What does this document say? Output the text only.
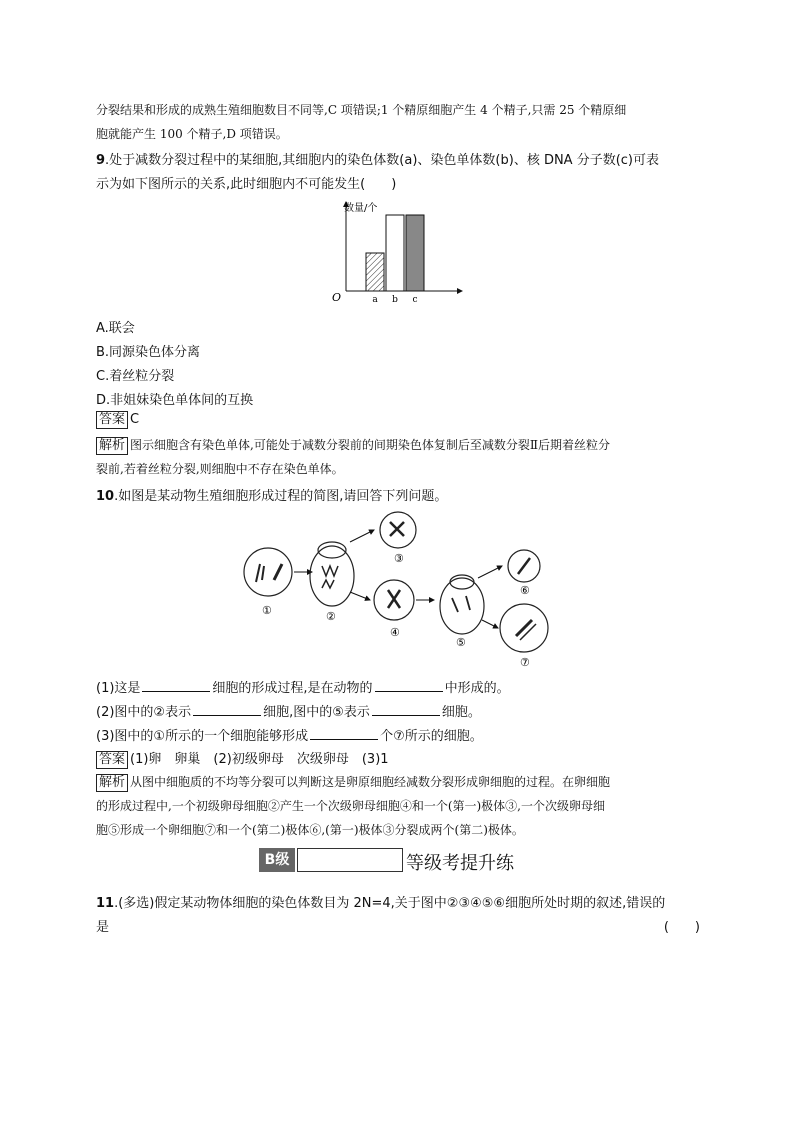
分裂结果和形成的成熟生殖细胞数目不同等,C 项错误;1 个精原细胞产生 4 个精子,只需 25 个精原细
胞就能产生 100 个精子,D 项错误。
9.处于减数分裂过程中的某细胞,其细胞内的染色体数(a)、染色单体数(b)、核 DNA 分子数(c)可表
示为如下图所示的关系,此时细胞内不可能发生(　　)
数量/个
O	a b c
A.联会
B.同源染色体分离
C.着丝粒分裂
D.非姐妹染色单体间的互换
答案 C
解析 图示细胞含有染色单体,可能处于减数分裂前的间期染色体复制后至减数分裂Ⅱ后期着丝粒分
裂前,若着丝粒分裂,则细胞中不存在染色单体。
10.如图是某动物生殖细胞形成过程的简图,请回答下列问题。
①	②
③
④
⑤
⑥
⑦
(1)这是	细胞的形成过程,是在动物的	中形成的。
(2)图中的②表示	细胞,图中的⑤表示	细胞。
(3)图中的①所示的一个细胞能够形成	个⑦所示的细胞。
答案 (1)卵　卵巢　(2)初级卵母　次级卵母　(3)1
解析 从图中细胞质的不均等分裂可以判断这是卵原细胞经减数分裂形成卵细胞的过程。在卵细胞
的形成过程中,一个初级卵母细胞②产生一个次级卵母细胞④和一个(第一)极体③,一个次级卵母细
胞⑤形成一个卵细胞⑦和一个(第二)极体⑥,(第一)极体③分裂成两个(第二)极体。
B级	等级考提升练
11.(多选)假定某动物体细胞的染色体数目为 2N=4,关于图中②③④⑤⑥细胞所处时期的叙述,错误的
是	(　　)
